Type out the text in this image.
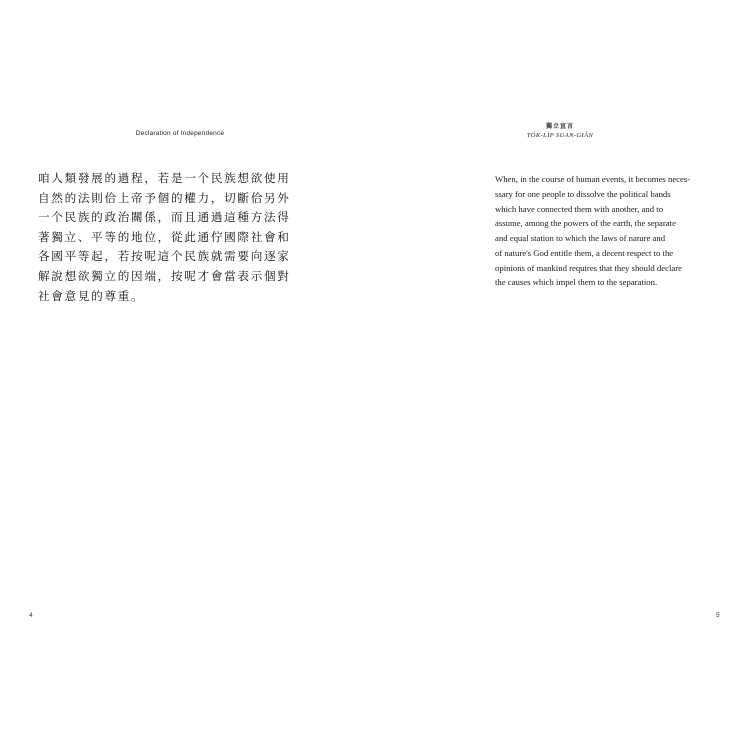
Declaration of Independence
咱人類發展的過程，若是一个民族想欲使用
自然的法則佮上帝予個的權力，切斷佮另外
一个民族的政治關係，而且通過這種方法得
著獨立、平等的地位，從此通佇國際社會和
各國平等起，若按呢這个民族就需要向逐家
解說想欲獨立的因端，按呢才會當表示個對
社會意見的尊重。
4
獨立宣言
TÓK-LI̍P SUAN-GIÂN
When, in the course of human events, it becomes neces-
ssary for one people to dissolve the political bands
which have connected them with another, and to
assume, among the powers of the earth, the separate
and equal station to which the laws of nature and
of nature's God entitle them, a decent respect to the
opinions of mankind requires that they should declare
the causes which impel them to the separation.
5
